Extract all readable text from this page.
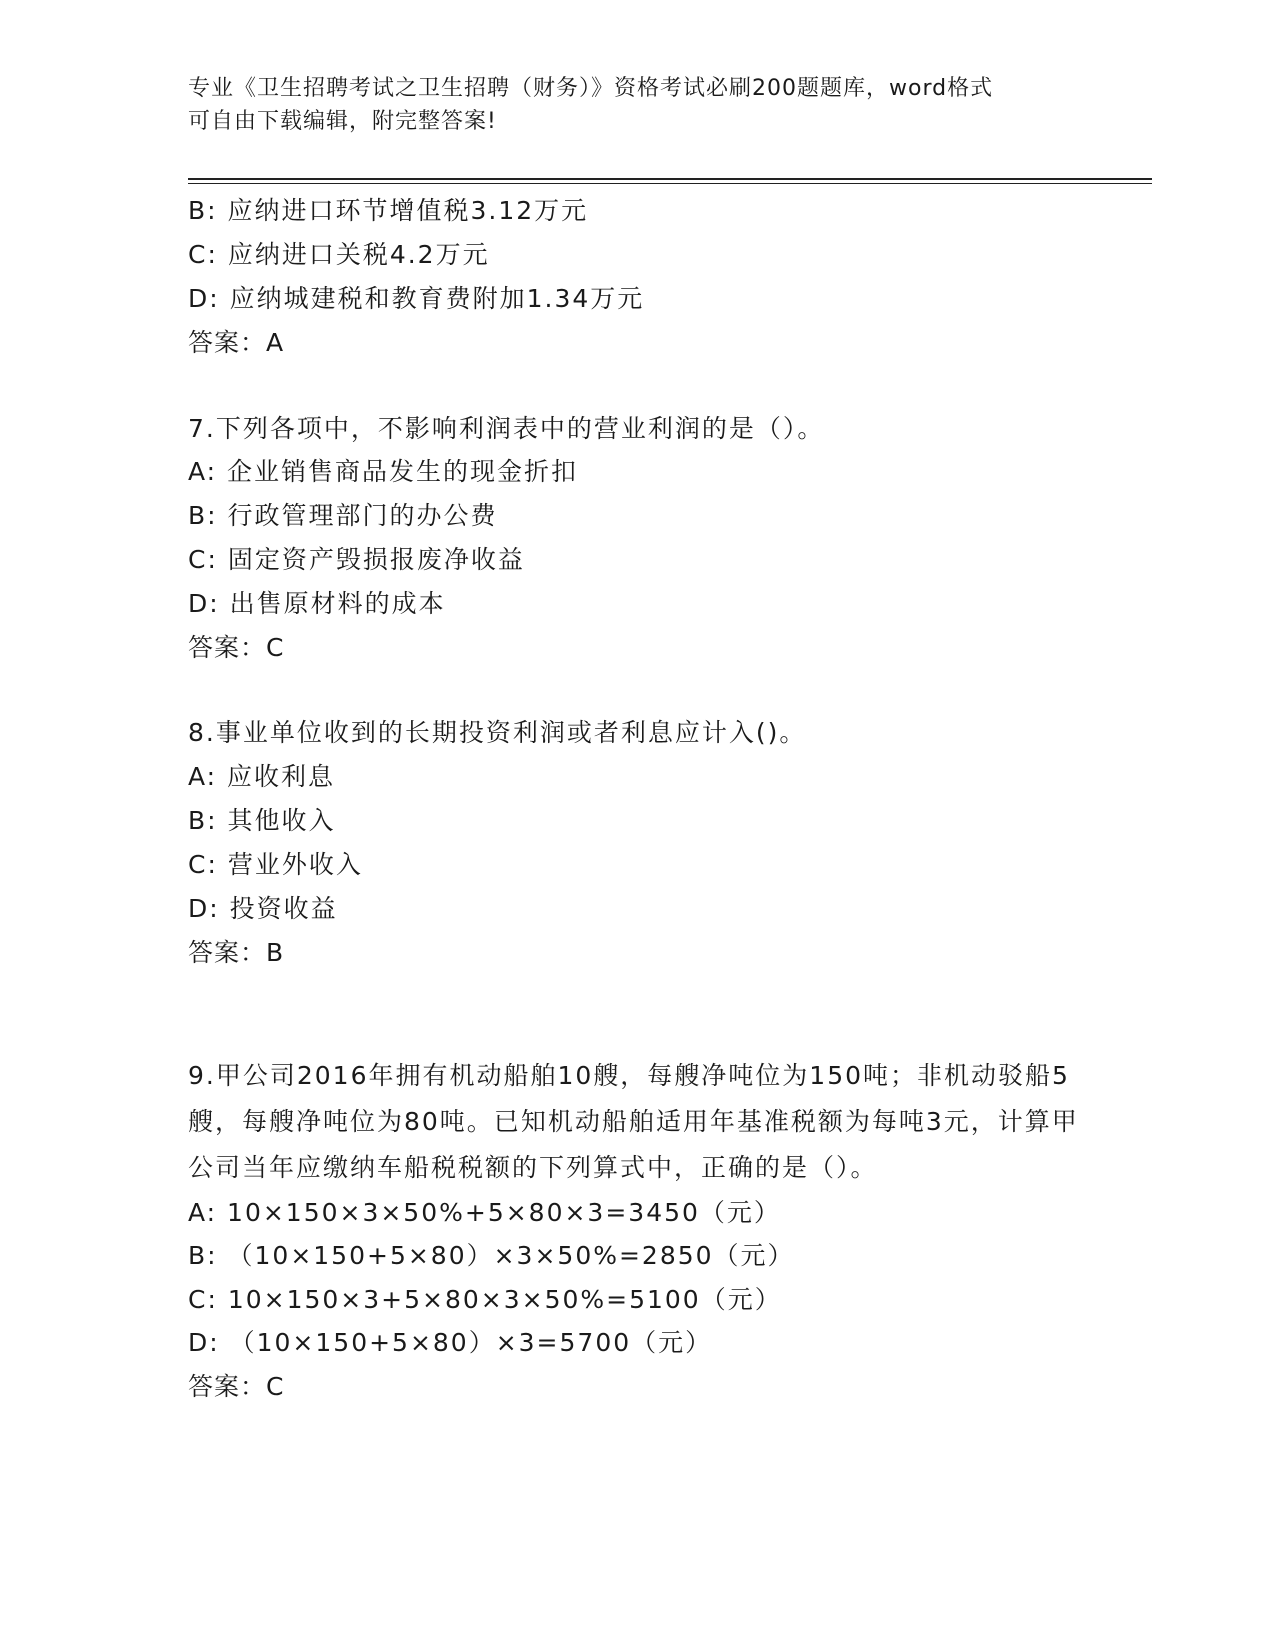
专业《卫生招聘考试之卫生招聘（财务）》资格考试必刷200题题库，word格式
可自由下载编辑，附完整答案!
B: 应纳进口环节增值税3.12万元
C: 应纳进口关税4.2万元
D: 应纳城建税和教育费附加1.34万元
答案：A
7.下列各项中，不影响利润表中的营业利润的是（）。
A: 企业销售商品发生的现金折扣
B: 行政管理部门的办公费
C: 固定资产毁损报废净收益
D: 出售原材料的成本
答案：C
8.事业单位收到的长期投资利润或者利息应计入()。
A: 应收利息
B: 其他收入
C: 营业外收入
D: 投资收益
答案：B
9.甲公司2016年拥有机动船舶10艘，每艘净吨位为150吨；非机动驳船5艘，每艘净吨位为80吨。已知机动船舶适用年基准税额为每吨3元，计算甲公司当年应缴纳车船税税额的下列算式中，正确的是（）。
A: 10×150×3×50%+5×80×3=3450（元）
B: （10×150+5×80）×3×50%=2850（元）
C: 10×150×3+5×80×3×50%=5100（元）
D: （10×150+5×80）×3=5700（元）
答案：C
